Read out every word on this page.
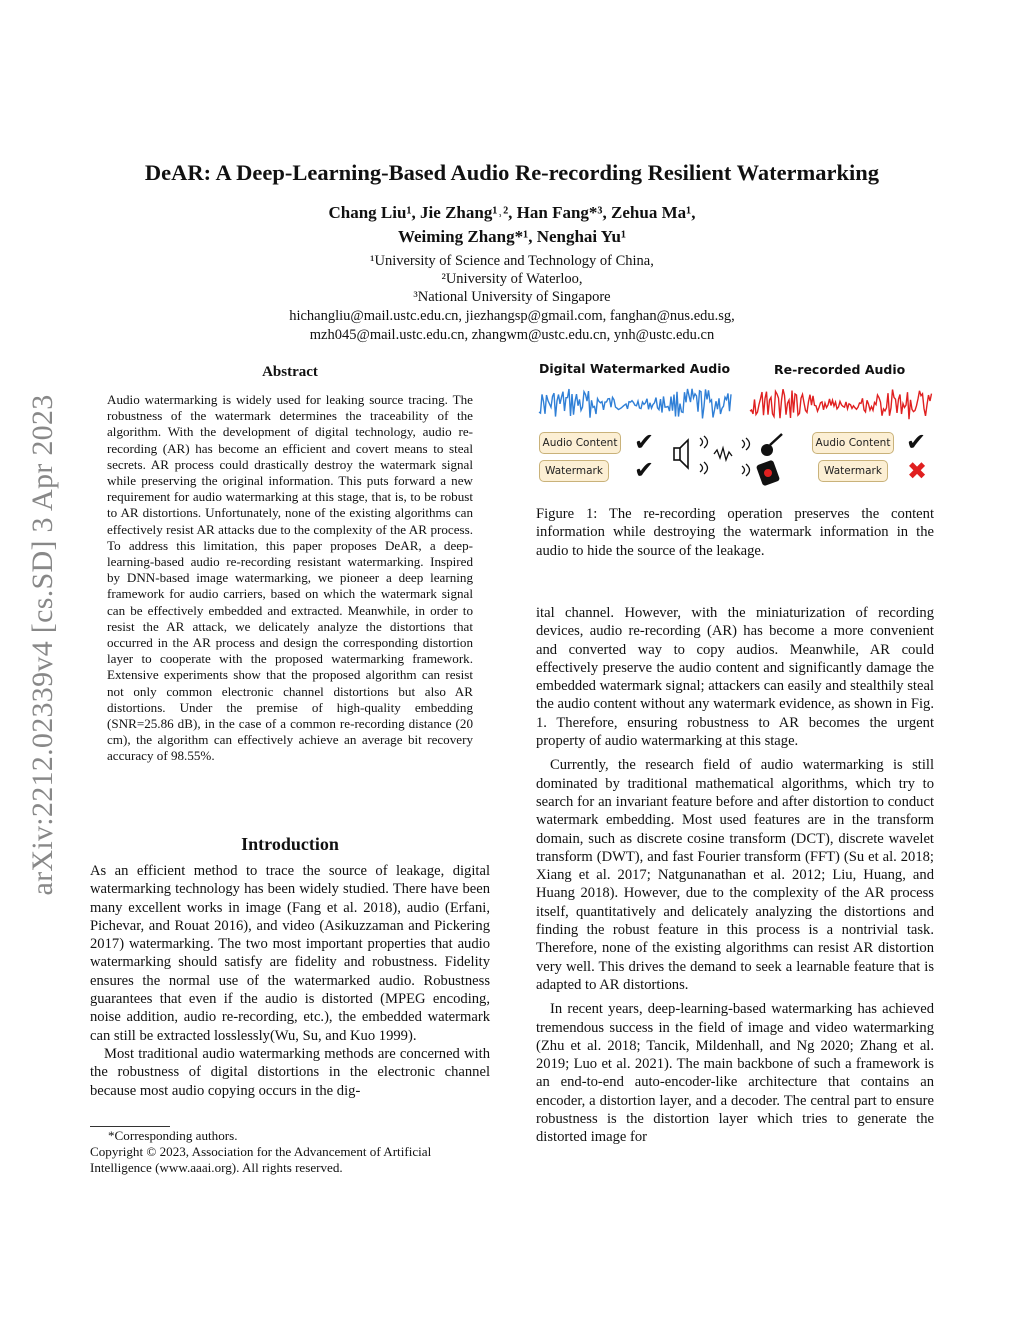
arXiv:2212.02339v4 [cs.SD] 3 Apr 2023
DeAR: A Deep-Learning-Based Audio Re-recording Resilient Watermarking
Chang Liu¹, Jie Zhang¹˒², Han Fang*³, Zehua Ma¹,
Weiming Zhang*¹, Nenghai Yu¹
¹University of Science and Technology of China,
²University of Waterloo,
³National University of Singapore
hichangliu@mail.ustc.edu.cn, jiezhangsp@gmail.com, fanghan@nus.edu.sg,
mzh045@mail.ustc.edu.cn, zhangwm@ustc.edu.cn, ynh@ustc.edu.cn
Abstract
Audio watermarking is widely used for leaking source tracing. The robustness of the watermark determines the traceability of the algorithm. With the development of digital technology, audio re-recording (AR) has become an efficient and covert means to steal secrets. AR process could drastically destroy the watermark signal while preserving the original information. This puts forward a new requirement for audio watermarking at this stage, that is, to be robust to AR distortions. Unfortunately, none of the existing algorithms can effectively resist AR attacks due to the complexity of the AR process. To address this limitation, this paper proposes DeAR, a deep-learning-based audio re-recording resistant watermarking. Inspired by DNN-based image watermarking, we pioneer a deep learning framework for audio carriers, based on which the watermark signal can be effectively embedded and extracted. Meanwhile, in order to resist the AR attack, we delicately analyze the distortions that occurred in the AR process and design the corresponding distortion layer to cooperate with the proposed watermarking framework. Extensive experiments show that the proposed algorithm can resist not only common electronic channel distortions but also AR distortions. Under the premise of high-quality embedding (SNR=25.86 dB), in the case of a common re-recording distance (20 cm), the algorithm can effectively achieve an average bit recovery accuracy of 98.55%.
Introduction

As an efficient method to trace the source of leakage, digital watermarking technology has been widely studied. There have been many excellent works in image (Fang et al. 2018), audio (Erfani, Pichevar, and Rouat 2016), and video (Asikuzzaman and Pickering 2017) watermarking. The two most important properties that audio watermarking should satisfy are fidelity and robustness. Fidelity ensures the normal use of the watermarked audio. Robustness guarantees that even if the audio is distorted (MPEG encoding, noise addition, audio re-recording, etc.), the embedded watermark can still be extracted losslessly(Wu, Su, and Kuo 1999).

Most traditional audio watermarking methods are concerned with the robustness of digital distortions in the electronic channel because most audio copying occurs in the dig-

*Corresponding authors.
Copyright © 2023, Association for the Advancement of Artificial Intelligence (www.aaai.org). All rights reserved.
Digital Watermarked Audio	Re-recorded Audio
Audio Content
Watermark
✔
✔
Audio Content
Watermark
✔
✖
Figure 1: The re-recording operation preserves the content information while destroying the watermark information in the audio to hide the source of the leakage.

ital channel. However, with the miniaturization of recording devices, audio re-recording (AR) has become a more convenient and converted way to copy audios. Meanwhile, AR could effectively preserve the audio content and significantly damage the embedded watermark signal; attackers can easily and stealthily steal the audio content without any watermark evidence, as shown in Fig. 1. Therefore, ensuring robustness to AR becomes the urgent property of audio watermarking at this stage.

Currently, the research field of audio watermarking is still dominated by traditional mathematical algorithms, which try to search for an invariant feature before and after distortion to conduct watermark embedding. Most used features are in the transform domain, such as discrete cosine transform (DCT), discrete wavelet transform (DWT), and fast Fourier transform (FFT) (Su et al. 2018; Xiang et al. 2017; Natgunanathan et al. 2012; Liu, Huang, and Huang 2018). However, due to the complexity of the AR process itself, quantitatively and delicately analyzing the distortions and finding the robust feature in this process is a nontrivial task. Therefore, none of the existing algorithms can resist AR distortion very well. This drives the demand to seek a learnable feature that is adapted to AR distortions.

In recent years, deep-learning-based watermarking has achieved tremendous success in the field of image and video watermarking (Zhu et al. 2018; Tancik, Mildenhall, and Ng 2020; Zhang et al. 2019; Luo et al. 2021). The main backbone of such a framework is an end-to-end auto-encoder-like architecture that contains an encoder, a distortion layer, and a decoder. The central part to ensure robustness is the distortion layer which tries to generate the distorted image for
